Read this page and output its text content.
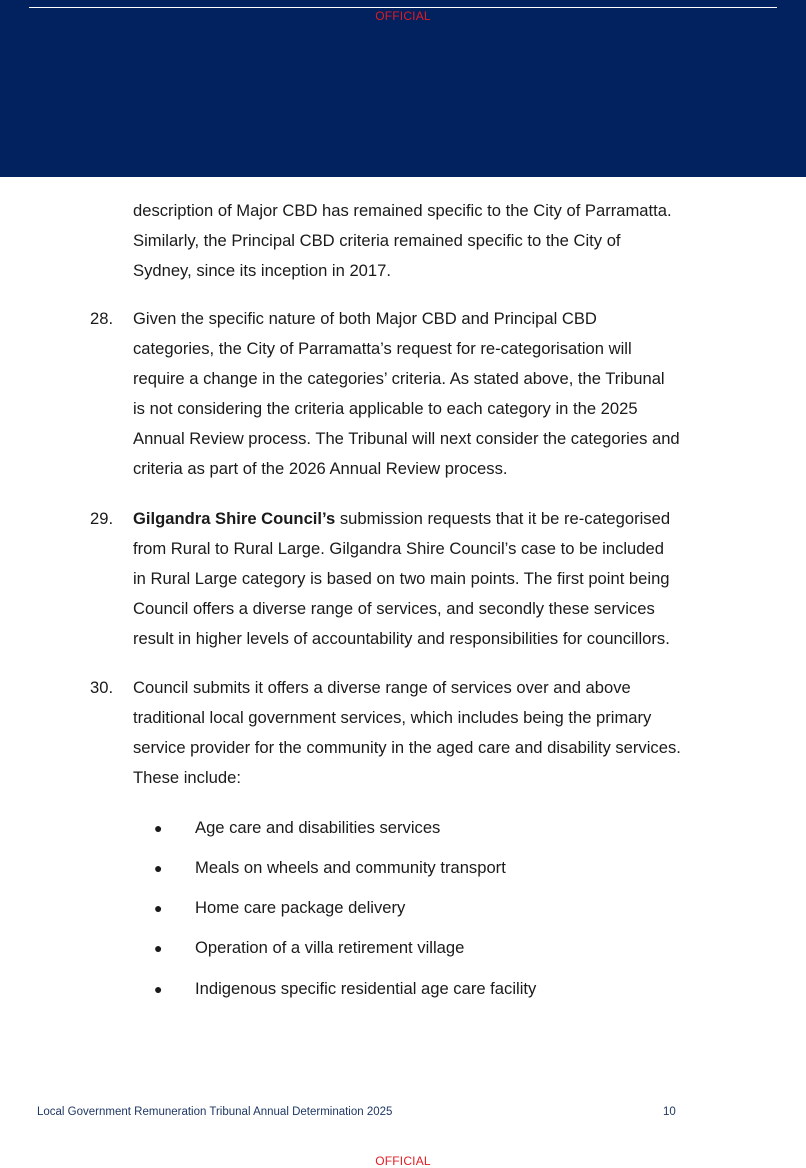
OFFICIAL
description of Major CBD has remained specific to the City of Parramatta.
Similarly, the Principal CBD criteria remained specific to the City of
Sydney, since its inception in 2017.
28. Given the specific nature of both Major CBD and Principal CBD
categories, the City of Parramatta’s request for re-categorisation will
require a change in the categories’ criteria. As stated above, the Tribunal
is not considering the criteria applicable to each category in the 2025
Annual Review process. The Tribunal will next consider the categories and
criteria as part of the 2026 Annual Review process.
29. Gilgandra Shire Council’s submission requests that it be re-categorised
from Rural to Rural Large. Gilgandra Shire Council’s case to be included
in Rural Large category is based on two main points. The first point being
Council offers a diverse range of services, and secondly these services
result in higher levels of accountability and responsibilities for councillors.
30. Council submits it offers a diverse range of services over and above
traditional local government services, which includes being the primary
service provider for the community in the aged care and disability services.
These include:
● Age care and disabilities services
● Meals on wheels and community transport
● Home care package delivery
● Operation of a villa retirement village
● Indigenous specific residential age care facility
Local Government Remuneration Tribunal Annual Determination 2025	10
OFFICIAL
